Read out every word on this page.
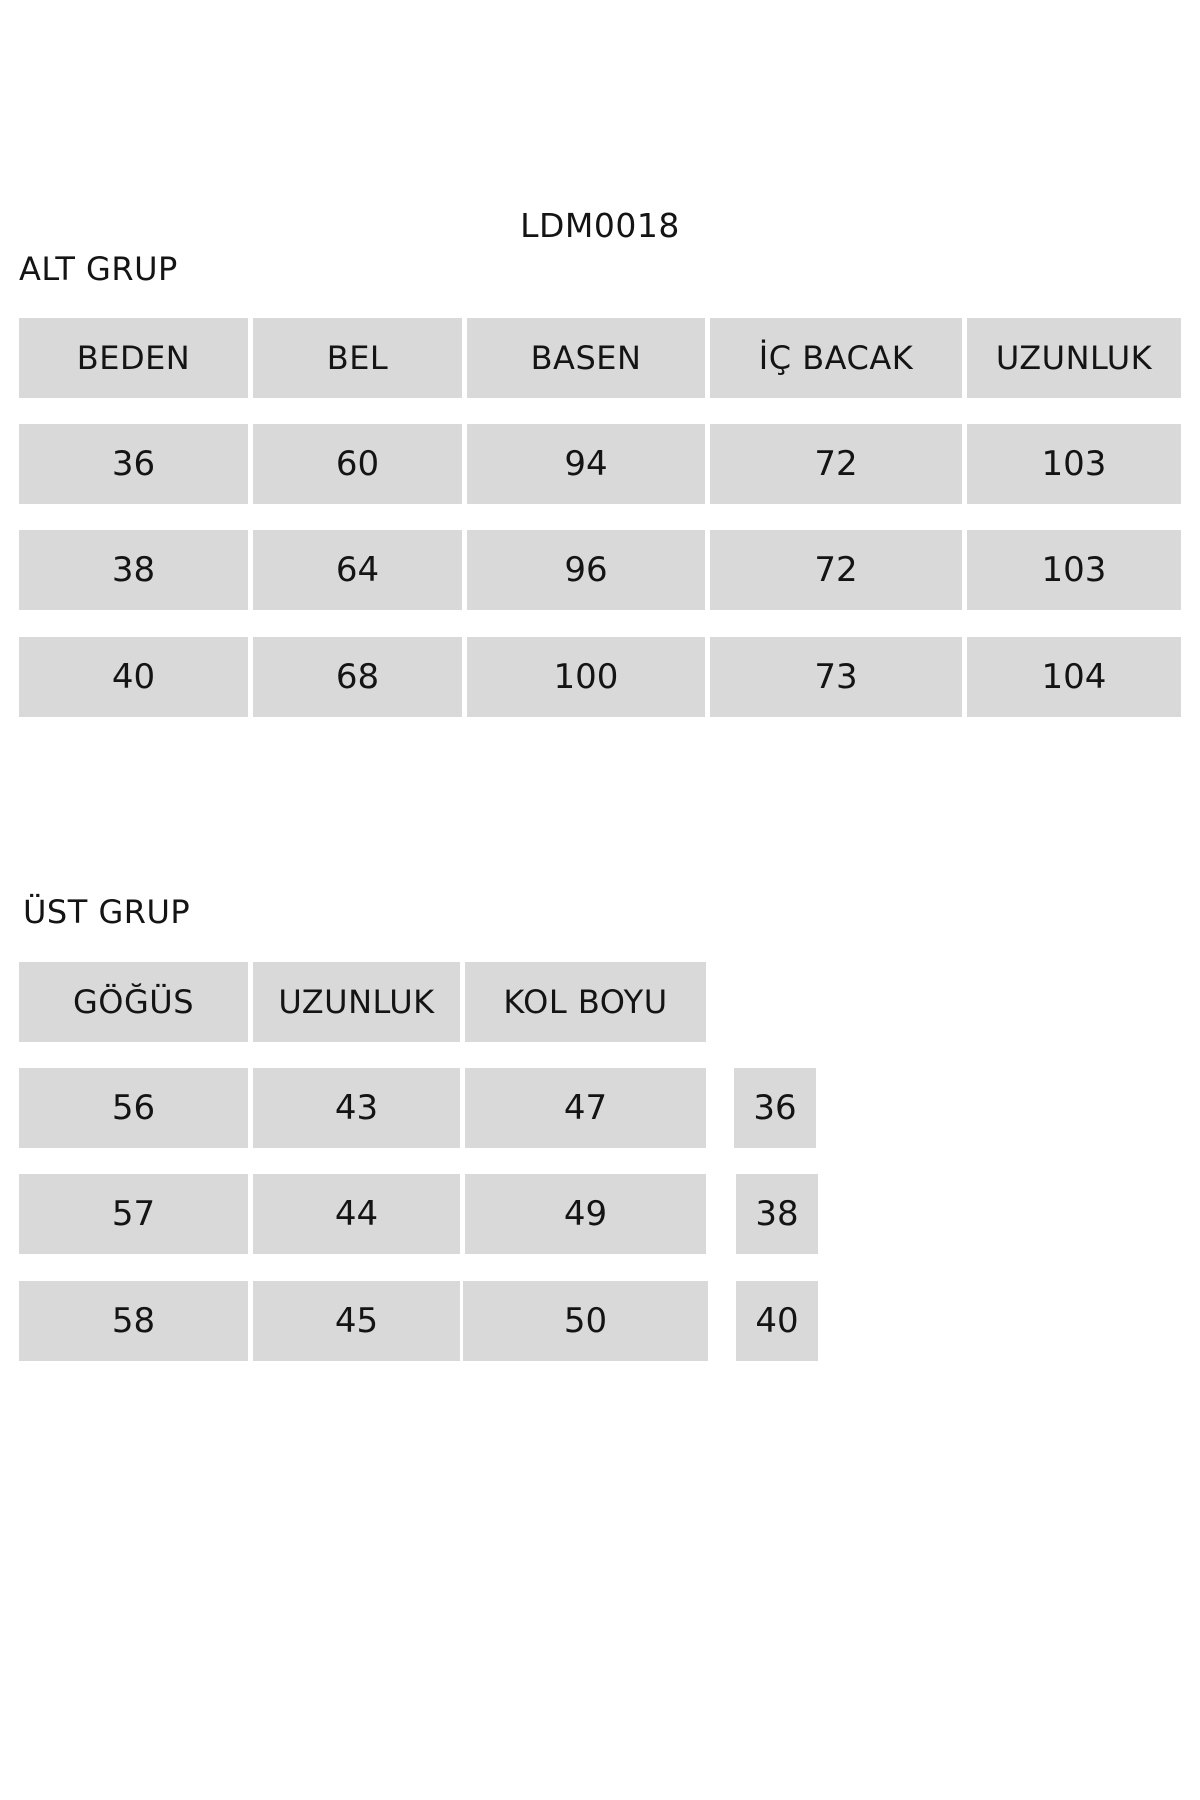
LDM0018
ALT GRUP
BEDEN	BEL	BASEN	İÇ BACAK	UZUNLUK
36	60	94	72	103
38	64	96	72	103
40	68	100	73	104
ÜST GRUP
GÖĞÜS	UZUNLUK	KOL BOYU
56	43	47	36
57	44	49	38
58	45	50	40
